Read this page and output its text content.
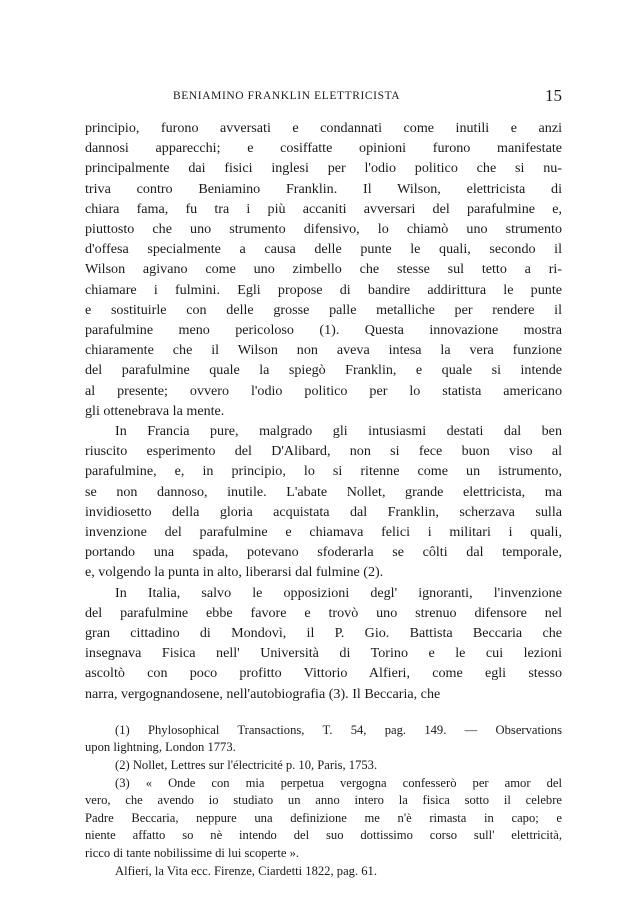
BENIAMINO FRANKLIN ELETTRICISTA	15
principio, furono avversati e condannati come inutili e anzi
dannosi apparecchi; e cosiffatte opinioni furono manifestate
principalmente dai fisici inglesi per l'odio politico che si nu-
triva contro Beniamino Franklin. Il Wilson, elettricista di
chiara fama, fu tra i più accaniti avversari del parafulmine e,
piuttosto che uno strumento difensivo, lo chiamò uno strumento
d'offesa specialmente a causa delle punte le quali, secondo il
Wilson agivano come uno zimbello che stesse sul tetto a ri-
chiamare i fulmini. Egli propose di bandire addirittura le punte
e sostituirle con delle grosse palle metalliche per rendere il
parafulmine meno pericoloso (1). Questa innovazione mostra
chiaramente che il Wilson non aveva intesa la vera funzione
del parafulmine quale la spiegò Franklin, e quale si intende
al presente; ovvero l'odio politico per lo statista americano
gli ottenebrava la mente.
In Francia pure, malgrado gli intusiasmi destati dal ben
riuscito esperimento del D'Alibard, non si fece buon viso al
parafulmine, e, in principio, lo si ritenne come un istrumento,
se non dannoso, inutile. L'abate Nollet, grande elettricista, ma
invidiosetto della gloria acquistata dal Franklin, scherzava sulla
invenzione del parafulmine e chiamava felici i militari i quali,
portando una spada, potevano sfoderarla se côlti dal temporale,
e, volgendo la punta in alto, liberarsi dal fulmine (2).
In Italia, salvo le opposizioni degl' ignoranti, l'invenzione
del parafulmine ebbe favore e trovò uno strenuo difensore nel
gran cittadino di Mondovì, il P. Gio. Battista Beccaria che
insegnava Fisica nell' Università di Torino e le cui lezioni
ascoltò con poco profitto Vittorio Alfieri, come egli stesso
narra, vergognandosene, nell'autobiografia (3). Il Beccaria, che
(1) Phylosophical Transactions, T. 54, pag. 149. — Observations
upon lightning, London 1773.
(2) Nollet, Lettres sur l'électricité p. 10, Paris, 1753.
(3) « Onde con mia perpetua vergogna confesserò per amor del
vero, che avendo io studiato un anno intero la fisica sotto il celebre
Padre Beccaria, neppure una definizione me n'è rimasta in capo; e
niente affatto so nè intendo del suo dottissimo corso sull' elettricità,
ricco di tante nobilissime di lui scoperte ».
Alfieri, la Vita ecc. Firenze, Ciardetti 1822, pag. 61.
